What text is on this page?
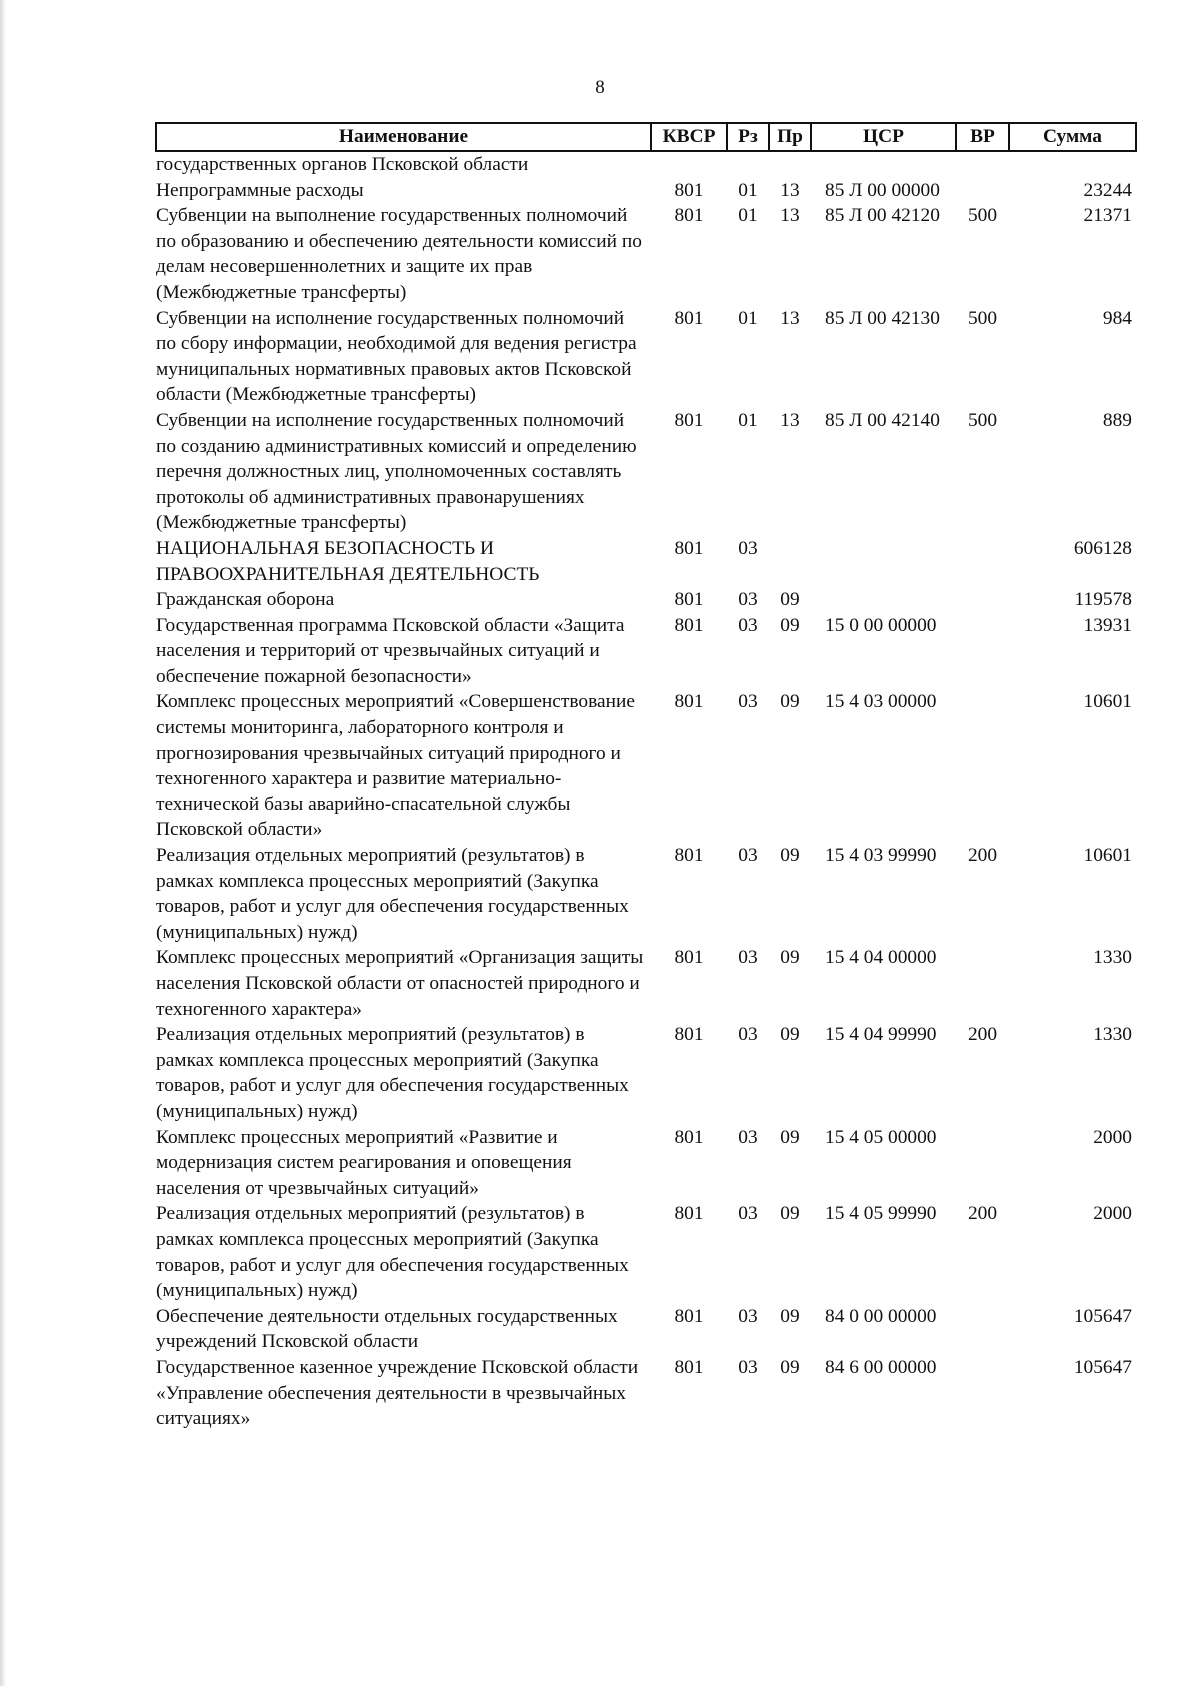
8
Наименование	КВСР	Рз	Пр	ЦСР	ВР	Сумма
государственных органов Псковской области						
Непрограммные расходы	801	01	13	85 Л 00 00000		23244
Субвенции на выполнение государственных полномочий по образованию и обеспечению деятельности комиссий по делам несовершеннолетних и защите их прав (Межбюджетные трансферты)	801	01	13	85 Л 00 42120	500	21371
Субвенции на исполнение государственных полномочий по сбору информации, необходимой для ведения регистра муниципальных нормативных правовых актов Псковской области (Межбюджетные трансферты)	801	01	13	85 Л 00 42130	500	984
Субвенции на исполнение государственных полномочий по созданию административных комиссий и определению перечня должностных лиц, уполномоченных составлять протоколы об административных правонарушениях (Межбюджетные трансферты)	801	01	13	85 Л 00 42140	500	889
НАЦИОНАЛЬНАЯ БЕЗОПАСНОСТЬ И ПРАВООХРАНИТЕЛЬНАЯ ДЕЯТЕЛЬНОСТЬ	801	03				606128
Гражданская оборона	801	03	09			119578
Государственная программа Псковской области «Защита населения и территорий от чрезвычайных ситуаций и обеспечение пожарной безопасности»	801	03	09	15 0 00 00000		13931
Комплекс процессных мероприятий «Совершенствование системы мониторинга, лабораторного контроля и прогнозирования чрезвычайных ситуаций природного и техногенного характера и развитие материально-технической базы аварийно-спасательной службы Псковской области»	801	03	09	15 4 03 00000		10601
Реализация отдельных мероприятий (результатов) в рамках комплекса процессных мероприятий (Закупка товаров, работ и услуг для обеспечения государственных (муниципальных) нужд)	801	03	09	15 4 03 99990	200	10601
Комплекс процессных мероприятий «Организация защиты населения Псковской области от опасностей природного и техногенного характера»	801	03	09	15 4 04 00000		1330
Реализация отдельных мероприятий (результатов) в рамках комплекса процессных мероприятий (Закупка товаров, работ и услуг для обеспечения государственных (муниципальных) нужд)	801	03	09	15 4 04 99990	200	1330
Комплекс процессных мероприятий «Развитие и модернизация систем реагирования и оповещения населения от чрезвычайных ситуаций»	801	03	09	15 4 05 00000		2000
Реализация отдельных мероприятий (результатов) в рамках комплекса процессных мероприятий (Закупка товаров, работ и услуг для обеспечения государственных (муниципальных) нужд)	801	03	09	15 4 05 99990	200	2000
Обеспечение деятельности отдельных государственных учреждений Псковской области	801	03	09	84 0 00 00000		105647
Государственное казенное учреждение Псковской области «Управление обеспечения деятельности в чрезвычайных ситуациях»	801	03	09	84 6 00 00000		105647
